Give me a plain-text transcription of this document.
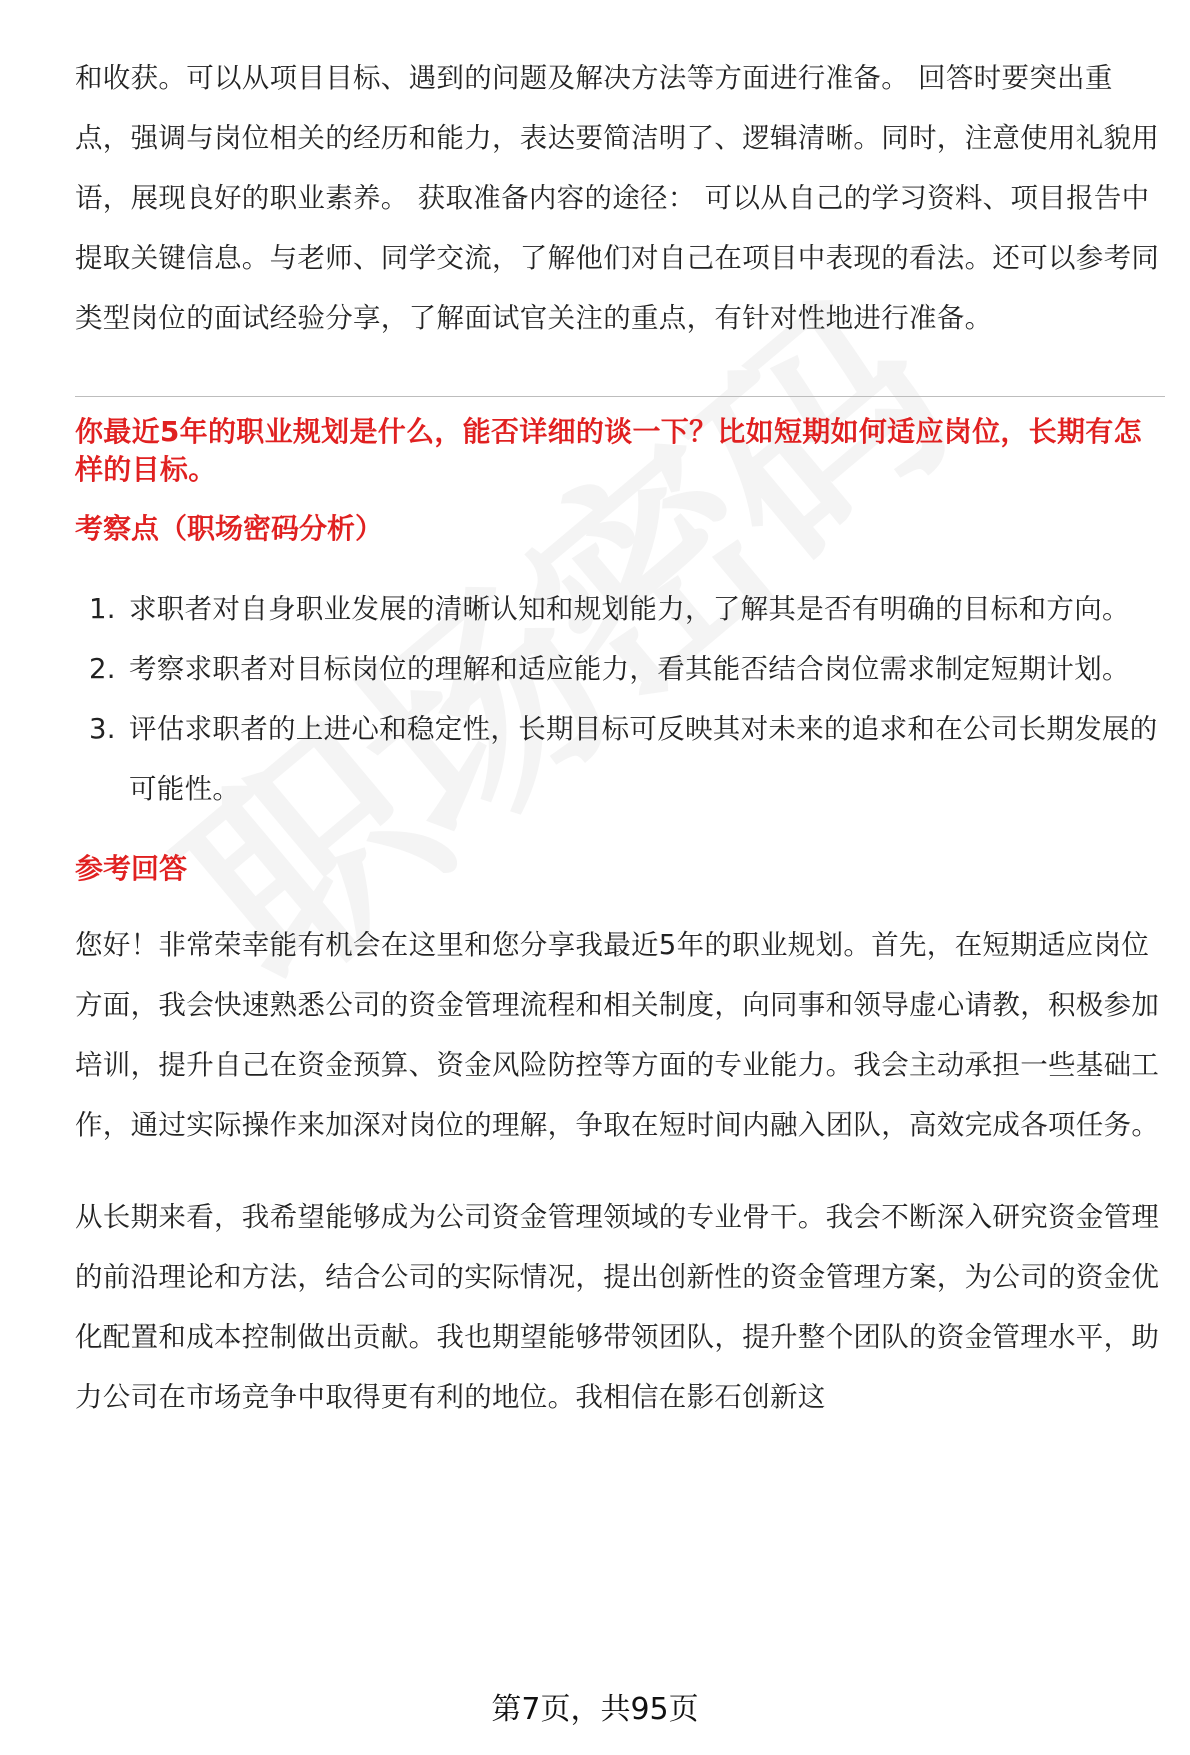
和收获。可以从项目目标、遇到的问题及解决方法等方面进行准备。 回答时要突出重点，强调与岗位相关的经历和能力，表达要简洁明了、逻辑清晰。同时，注意使用礼貌用语，展现良好的职业素养。 获取准备内容的途径： 可以从自己的学习资料、项目报告中提取关键信息。与老师、同学交流，了解他们对自己在项目中表现的看法。还可以参考同类型岗位的面试经验分享，了解面试官关注的重点，有针对性地进行准备。

你最近5年的职业规划是什么，能否详细的谈一下？比如短期如何适应岗位，长期有怎样的目标。

考察点（职场密码分析）
1. 求职者对自身职业发展的清晰认知和规划能力，了解其是否有明确的目标和方向。
2. 考察求职者对目标岗位的理解和适应能力，看其能否结合岗位需求制定短期计划。
3. 评估求职者的上进心和稳定性，长期目标可反映其对未来的追求和在公司长期发展的可能性。
参考回答

您好！非常荣幸能有机会在这里和您分享我最近5年的职业规划。首先，在短期适应岗位方面，我会快速熟悉公司的资金管理流程和相关制度，向同事和领导虚心请教，积极参加培训，提升自己在资金预算、资金风险防控等方面的专业能力。我会主动承担一些基础工作，通过实际操作来加深对岗位的理解，争取在短时间内融入团队，高效完成各项任务。

从长期来看，我希望能够成为公司资金管理领域的专业骨干。我会不断深入研究资金管理的前沿理论和方法，结合公司的实际情况，提出创新性的资金管理方案，为公司的资金优化配置和成本控制做出贡献。我也期望能够带领团队，提升整个团队的资金管理水平，助力公司在市场竞争中取得更有利的地位。我相信在影石创新这

第7页，共95页
